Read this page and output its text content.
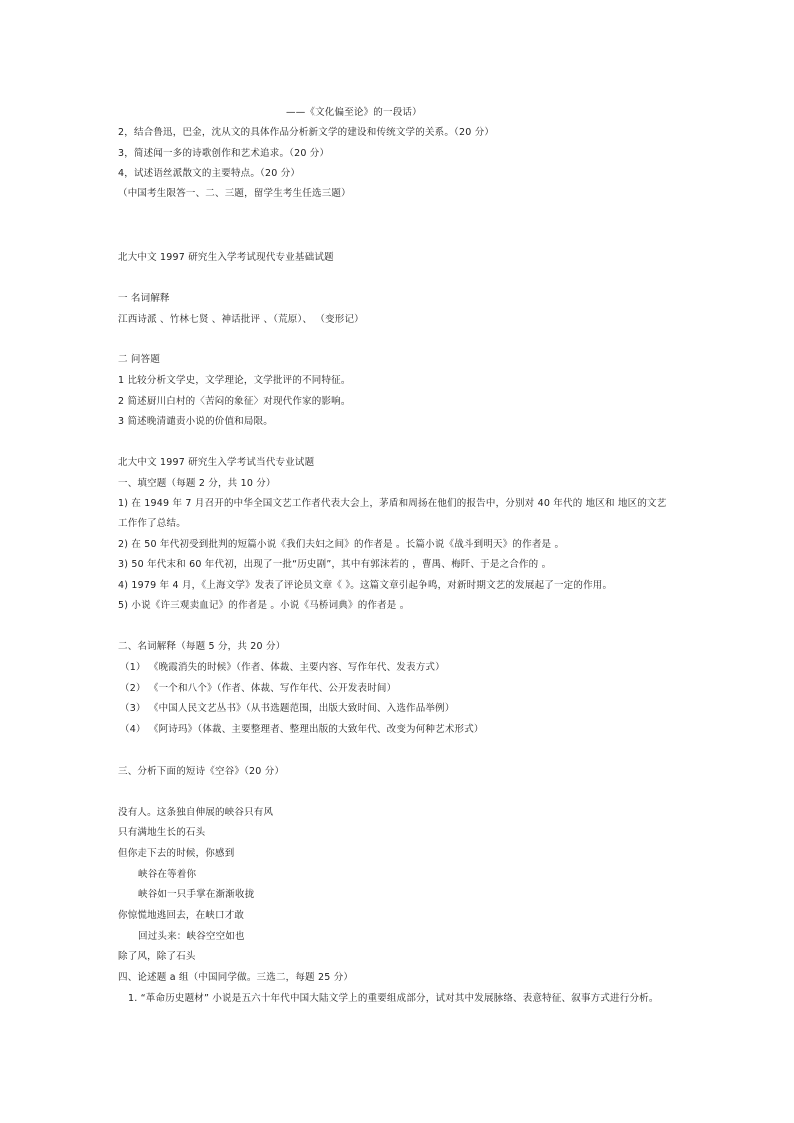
——《文化偏至论》的一段话）
2，结合鲁迅，巴金，沈从文的具体作品分析新文学的建设和传统文学的关系。（20 分）
3，简述闻一多的诗歌创作和艺术追求。（20 分）
4，试述语丝派散文的主要特点。（20 分）
（中国考生限答一、二、三题，留学生考生任选三题）
北大中文 1997 研究生入学考试现代专业基础试题
一 名词解释
江西诗派 、竹林七贤 、神话批评 、（荒原）、 （变形记）
二 问答题
1 比较分析文学史，文学理论，文学批评的不同特征。
2 简述厨川白村的〈苦闷的象征〉对现代作家的影响。
3 简述晚清谴责小说的价值和局限。
北大中文 1997 研究生入学考试当代专业试题
一、填空题（每题 2 分，共 10 分）
1) 在 1949 年 7 月召开的中华全国文艺工作者代表大会上，茅盾和周扬在他们的报告中，分别对 40 年代的 地区和 地区的文艺
工作作了总结。
2) 在 50 年代初受到批判的短篇小说《我们夫妇之间》的作者是 。长篇小说《战斗到明天》的作者是 。
3) 50 年代末和 60 年代初，出现了一批“历史剧”，其中有郭沫若的 ，曹禺、梅阡、于是之合作的 。
4) 1979 年 4 月，《上海文学》发表了评论员文章《 》。这篇文章引起争鸣，对新时期文艺的发展起了一定的作用。
5) 小说《许三观卖血记》的作者是 。小说《马桥词典》的作者是 。
二、名词解释（每题 5 分，共 20 分）
（1） 《晚霞消失的时候》（作者、体裁、主要内容、写作年代、发表方式）
（2） 《一个和八个》（作者、体裁、写作年代、公开发表时间）
（3） 《中国人民文艺丛书》（从书选题范围，出版大致时间、入选作品举例）
（4） 《阿诗玛》（体裁、主要整理者、整理出版的大致年代、改变为何种艺术形式）
三、分析下面的短诗《空谷》（20 分）
没有人。这条独自伸展的峡谷只有风
只有满地生长的石头
但你走下去的时候，你感到
峡谷在等着你
峡谷如一只手掌在渐渐收拢
你惊慌地逃回去，在峡口才敢
回过头来：峡谷空空如也
除了风，除了石头
四、论述题 a 组（中国同学做。三选二，每题 25 分）
1. “革命历史题材” 小说是五六十年代中国大陆文学上的重要组成部分，试对其中发展脉络、表意特征、叙事方式进行分析。
